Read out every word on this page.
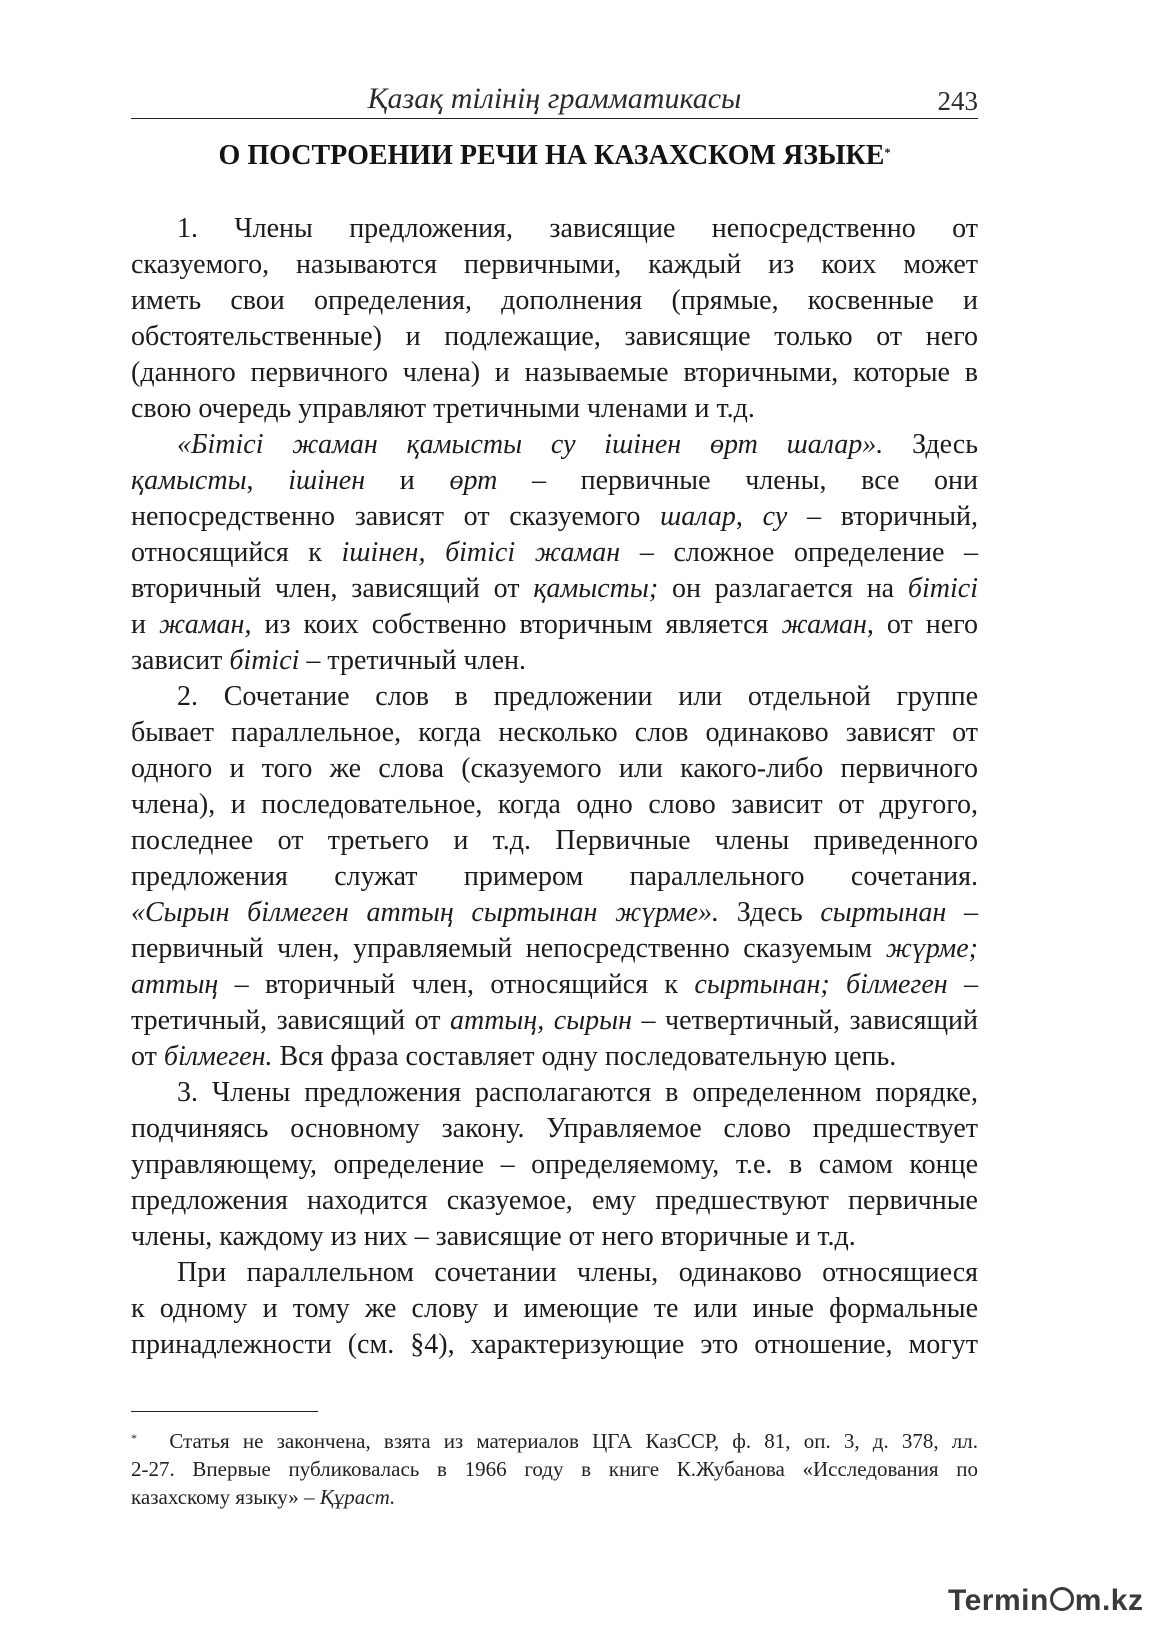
Қазақ тілінің грамматикасы	243
О ПОСТРОЕНИИ РЕЧИ НА КАЗАХСКОМ ЯЗЫКЕ*
1. Члены предложения, зависящие непосредственно от
сказуемого, называются первичными, каждый из коих может
иметь свои определения, дополнения (прямые, косвенные и
обстоятельственные) и подлежащие, зависящие только от него
(данного первичного члена) и называемые вторичными, которые в
свою очередь управляют третичными членами и т.д.
«Бітісі жаман қамысты су ішінен өрт шалар». Здесь
қамысты, ішінен и өрт – первичные члены, все они
непосредственно зависят от сказуемого шалар, су – вторичный,
относящийся к ішінен, бітісі жаман – сложное определение –
вторичный член, зависящий от қамысты; он разлагается на бітісі
и жаман, из коих собственно вторичным является жаман, от него
зависит бітісі – третичный член.
2. Сочетание слов в предложении или отдельной группе
бывает параллельное, когда несколько слов одинаково зависят от
одного и того же слова (сказуемого или какого-либо первичного
члена), и последовательное, когда одно слово зависит от другого,
последнее от третьего и т.д. Первичные члены приведенного
предложения служат примером параллельного сочетания.
«Сырын білмеген аттың сыртынан жүрме». Здесь сыртынан –
первичный член, управляемый непосредственно сказуемым жүрме;
аттың – вторичный член, относящийся к сыртынан; білмеген –
третичный, зависящий от аттың, сырын – четвертичный, зависящий
от білмеген. Вся фраза составляет одну последовательную цепь.
3. Члены предложения располагаются в определенном порядке,
подчиняясь основному закону. Управляемое слово предшествует
управляющему, определение – определяемому, т.е. в самом конце
предложения находится сказуемое, ему предшествуют первичные
члены, каждому из них – зависящие от него вторичные и т.д.
При параллельном сочетании члены, одинаково относящиеся
к одному и тому же слову и имеющие те или иные формальные
принадлежности (см. §4), характеризующие это отношение, могут
* Статья не закончена, взята из материалов ЦГА КазССР, ф. 81, оп. 3, д. 378, лл.
2-27. Впервые публиковалась в 1966 году в книге К.Жубанова «Исследования по
казахскому языку» – Құраст.
Termin m.kz
